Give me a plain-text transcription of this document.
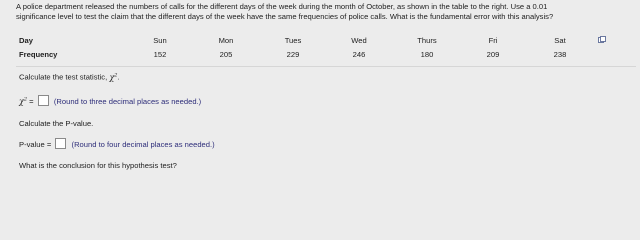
A police department released the numbers of calls for the different days of the week during the month of October, as shown in the table to the right. Use a 0.01
significance level to test the claim that the different days of the week have the same frequencies of police calls. What is the fundamental error with this analysis?
Day	Sun	Mon	Tues	Wed	Thurs	Fri	Sat
Frequency	152	205	229	246	180	209	238
Calculate the test statistic, $\chi^2$.
$\chi^2$ =	(Round to three decimal places as needed.)
Calculate the P-value.
P-value =	(Round to four decimal places as needed.)
What is the conclusion for this hypothesis test?
